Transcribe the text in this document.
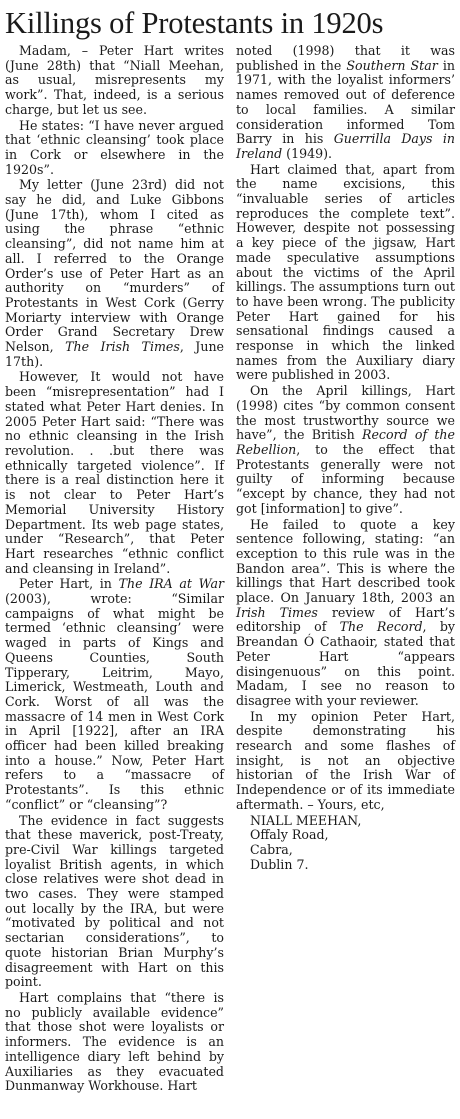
Killings of Protestants in 1920s

Madam, – Peter Hart writes (June 28th) that “Niall Meehan, as usual, misrepresents my work”. That, indeed, is a serious charge, but let us see.

He states: “I have never argued that ‘ethnic cleansing’ took place in Cork or elsewhere in the 1920s”.

My letter (June 23rd) did not say he did, and Luke Gibbons (June 17th), whom I cited as using the phrase “ethnic cleansing”, did not name him at all. I referred to the Orange Order’s use of Peter Hart as an authority on “murders” of Protestants in West Cork (Gerry Moriarty interview with Orange Order Grand Secretary Drew Nelson, The Irish Times, June 17th).

However, It would not have been “misrepresentation” had I stated what Peter Hart denies. In 2005 Peter Hart said: “There was no ethnic cleansing in the Irish revolution. . .but there was ethnically targeted violence”. If there is a real distinction here it is not clear to Peter Hart’s Memorial University History Department. Its web page states, under “Research”, that Peter Hart researches “ethnic conflict and cleansing in Ireland”.

Peter Hart, in The IRA at War (2003), wrote: “Similar campaigns of what might be termed ‘ethnic cleansing’ were waged in parts of Kings and Queens Counties, South Tipperary, Leitrim, Mayo, Limerick, Westmeath, Louth and Cork. Worst of all was the massacre of 14 men in West Cork in April [1922], after an IRA officer had been killed breaking into a house.” Now, Peter Hart refers to a “massacre of Protestants”. Is this ethnic “conflict” or “cleansing”?

The evidence in fact suggests that these maverick, post-Treaty, pre-Civil War killings targeted loyalist British agents, in which close relatives were shot dead in two cases. They were stamped out locally by the IRA, but were “motivated by political and not sectarian considerations”, to quote historian Brian Murphy’s disagreement with Hart on this point.

Hart complains that “there is no publicly available evidence” that those shot were loyalists or informers. The evidence is an intelligence diary left behind by Auxiliaries as they evacuated Dunmanway Workhouse. Hart

noted (1998) that it was published in the Southern Star in 1971, with the loyalist informers’ names removed out of deference to local families. A similar consideration informed Tom Barry in his Guerrilla Days in Ireland (1949).

Hart claimed that, apart from the name excisions, this “invaluable series of articles reproduces the complete text”. However, despite not possessing a key piece of the jigsaw, Hart made speculative assumptions about the victims of the April killings. The assumptions turn out to have been wrong. The publicity Peter Hart gained for his sensational findings caused a response in which the linked names from the Auxiliary diary were published in 2003.

On the April killings, Hart (1998) cites “by common consent the most trustworthy source we have”, the British Record of the Rebellion, to the effect that Protestants generally were not guilty of informing because “except by chance, they had not got [information] to give”.

He failed to quote a key sentence following, stating: “an exception to this rule was in the Bandon area”. This is where the killings that Hart described took place. On January 18th, 2003 an Irish Times review of Hart’s editorship of The Record, by Breandan Ó Cathaoir, stated that Peter Hart “appears disingenuous” on this point. Madam, I see no reason to disagree with your reviewer.

In my opinion Peter Hart, despite demonstrating his research and some flashes of insight, is not an objective historian of the Irish War of Independence or of its immediate aftermath. – Yours, etc,

NIALL MEEHAN,
Offaly Road,
Cabra,
Dublin 7.
